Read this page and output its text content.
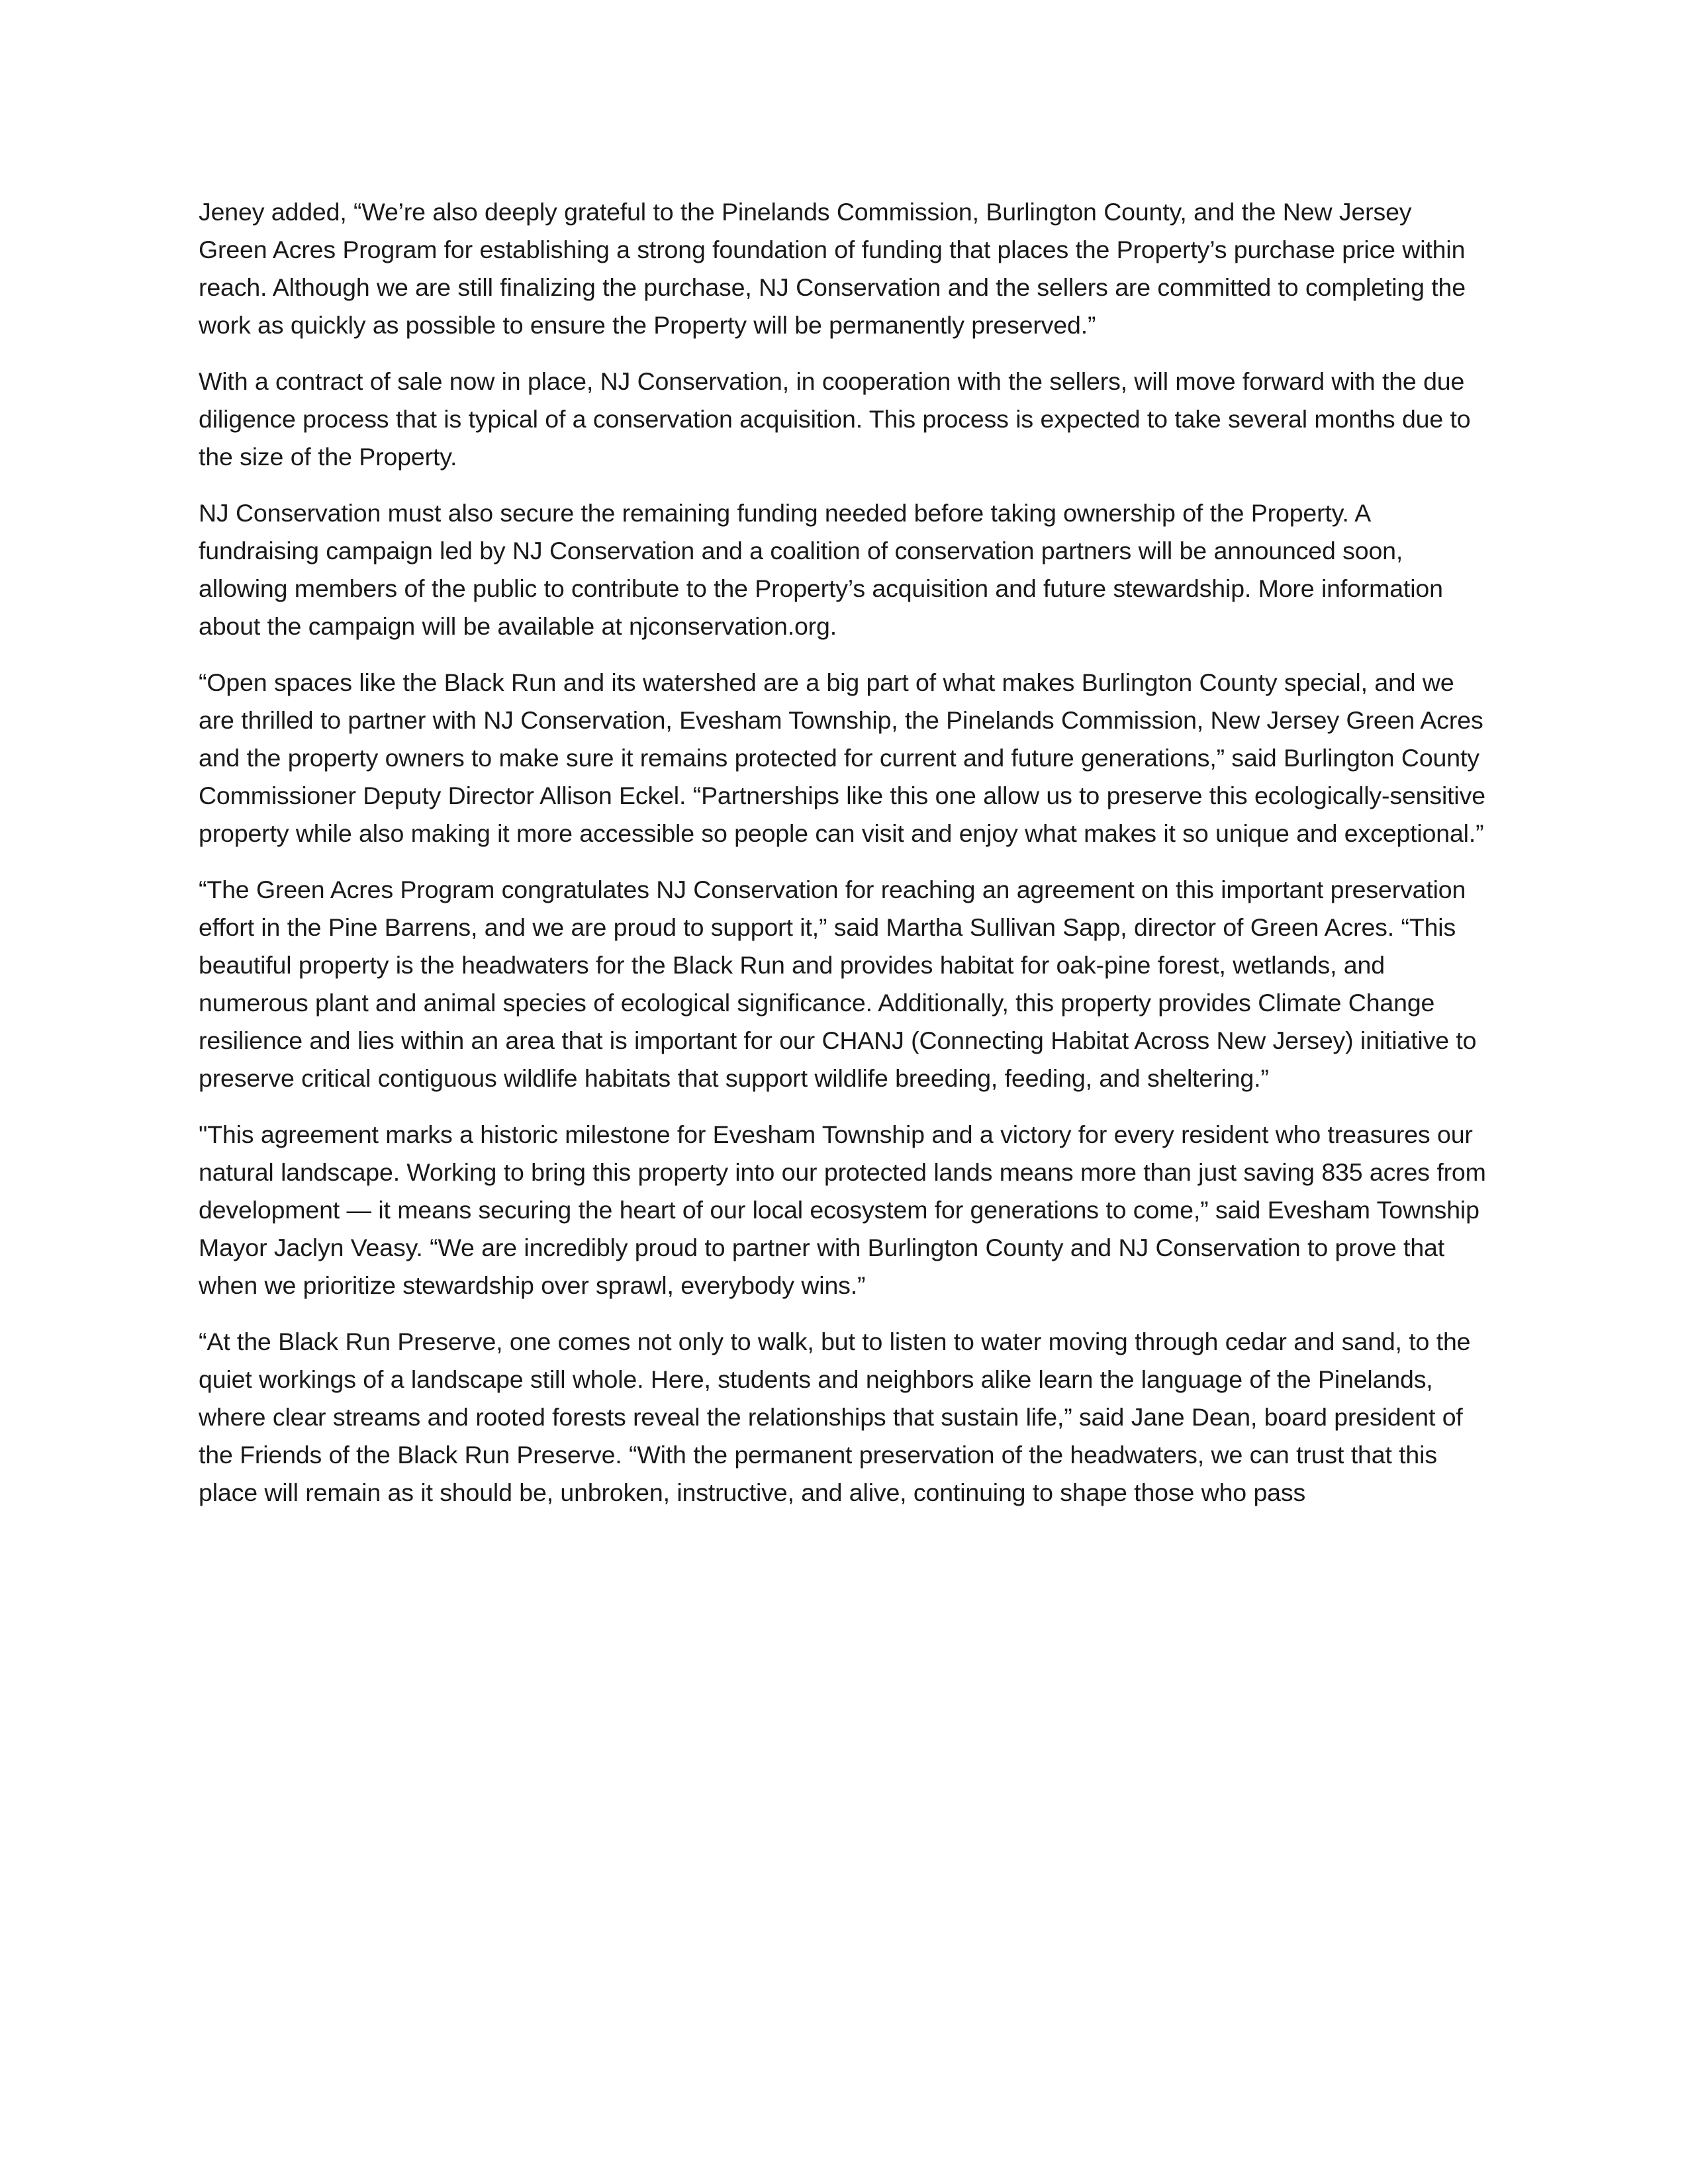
Jeney added, “We’re also deeply grateful to the Pinelands Commission, Burlington County, and the New Jersey Green Acres Program for establishing a strong foundation of funding that places the Property’s purchase price within reach. Although we are still finalizing the purchase, NJ Conservation and the sellers are committed to completing the work as quickly as possible to ensure the Property will be permanently preserved.”

With a contract of sale now in place, NJ Conservation, in cooperation with the sellers, will move forward with the due diligence process that is typical of a conservation acquisition. This process is expected to take several months due to the size of the Property.

NJ Conservation must also secure the remaining funding needed before taking ownership of the Property. A fundraising campaign led by NJ Conservation and a coalition of conservation partners will be announced soon, allowing members of the public to contribute to the Property’s acquisition and future stewardship. More information about the campaign will be available at njconservation.org.

“Open spaces like the Black Run and its watershed are a big part of what makes Burlington County special, and we are thrilled to partner with NJ Conservation, Evesham Township, the Pinelands Commission, New Jersey Green Acres and the property owners to make sure it remains protected for current and future generations,” said Burlington County Commissioner Deputy Director Allison Eckel. “Partnerships like this one allow us to preserve this ecologically-sensitive property while also making it more accessible so people can visit and enjoy what makes it so unique and exceptional.”

“The Green Acres Program congratulates NJ Conservation for reaching an agreement on this important preservation effort in the Pine Barrens, and we are proud to support it,” said Martha Sullivan Sapp, director of Green Acres. “This beautiful property is the headwaters for the Black Run and provides habitat for oak-pine forest, wetlands, and numerous plant and animal species of ecological significance. Additionally, this property provides Climate Change resilience and lies within an area that is important for our CHANJ (Connecting Habitat Across New Jersey) initiative to preserve critical contiguous wildlife habitats that support wildlife breeding, feeding, and sheltering.”

"This agreement marks a historic milestone for Evesham Township and a victory for every resident who treasures our natural landscape. Working to bring this property into our protected lands means more than just saving 835 acres from development — it means securing the heart of our local ecosystem for generations to come,” said Evesham Township Mayor Jaclyn Veasy. “We are incredibly proud to partner with Burlington County and NJ Conservation to prove that when we prioritize stewardship over sprawl, everybody wins.”

“At the Black Run Preserve, one comes not only to walk, but to listen to water moving through cedar and sand, to the quiet workings of a landscape still whole. Here, students and neighbors alike learn the language of the Pinelands, where clear streams and rooted forests reveal the relationships that sustain life,” said Jane Dean, board president of the Friends of the Black Run Preserve. “With the permanent preservation of the headwaters, we can trust that this place will remain as it should be, unbroken, instructive, and alive, continuing to shape those who pass
